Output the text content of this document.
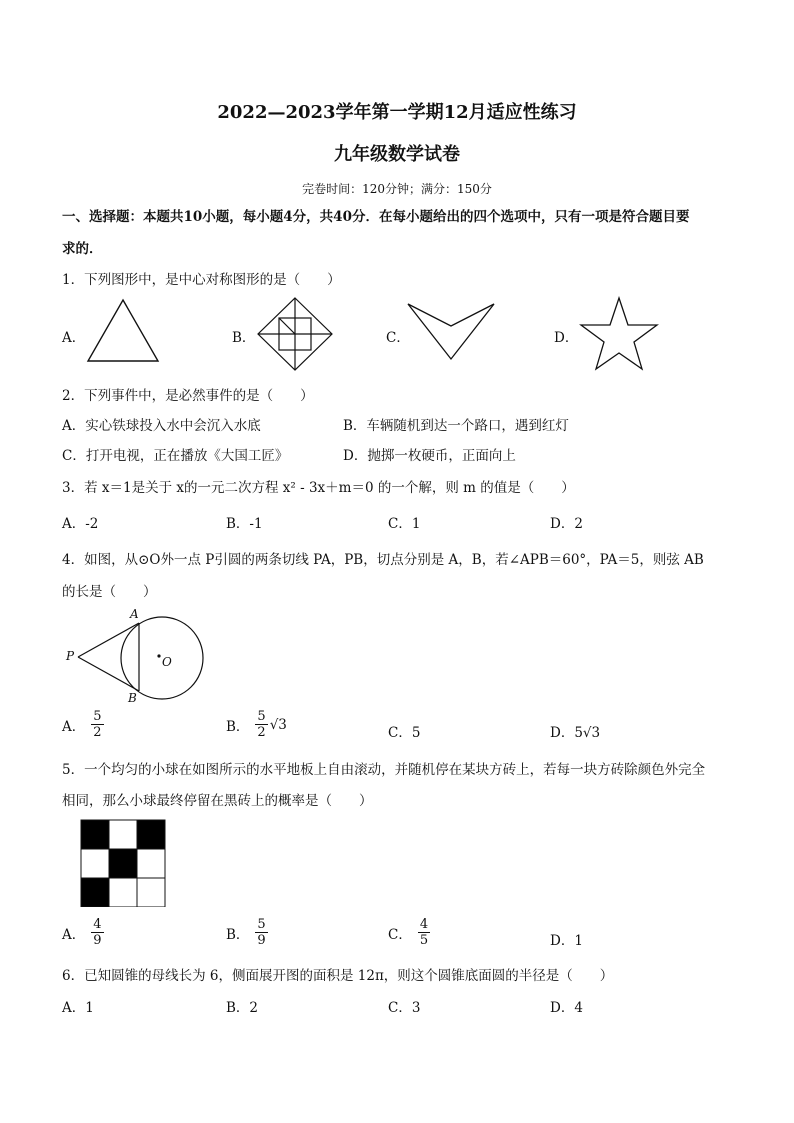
2022—2023学年第一学期12月适应性练习
九年级数学试卷
完卷时间：120分钟；满分：150分
一、选择题：本题共10小题，每小题4分，共40分．在每小题给出的四个选项中，只有一项是符合题目要
求的．
1．下列图形中，是中心对称图形的是（　　）
A．	B．	C．	D．
2．下列事件中，是必然事件的是（　　）
A．实心铁球投入水中会沉入水底	B．车辆随机到达一个路口，遇到红灯
C．打开电视，正在播放《大国工匠》	D．抛掷一枚硬币，正面向上
3．若 x＝1是关于 x的一元二次方程 x² - 3x＋m＝0 的一个解，则 m 的值是（　　）
A．-2	B．-1	C．1	D．2
4．如图，从⊙O外一点 P引圆的两条切线 PA，PB，切点分别是 A，B，若∠APB＝60°，PA＝5，则弦 AB
的长是（　　）
A
B
P	O
A． $\frac{5}{2}$	B． $\frac{5}{2} √3$
C．5	D．5√3
5．一个均匀的小球在如图所示的水平地板上自由滚动，并随机停在某块方砖上，若每一块方砖除颜色外完全
相同，那么小球最终停留在黑砖上的概率是（　　）
A． $\frac{4}{9}$	B． $\frac{5}{9}$	C． $\frac{4}{5}$	D．1
6．已知圆锥的母线长为 6，侧面展开图的面积是 12π，则这个圆锥底面圆的半径是（　　）
A．1	B．2	C．3	D．4
